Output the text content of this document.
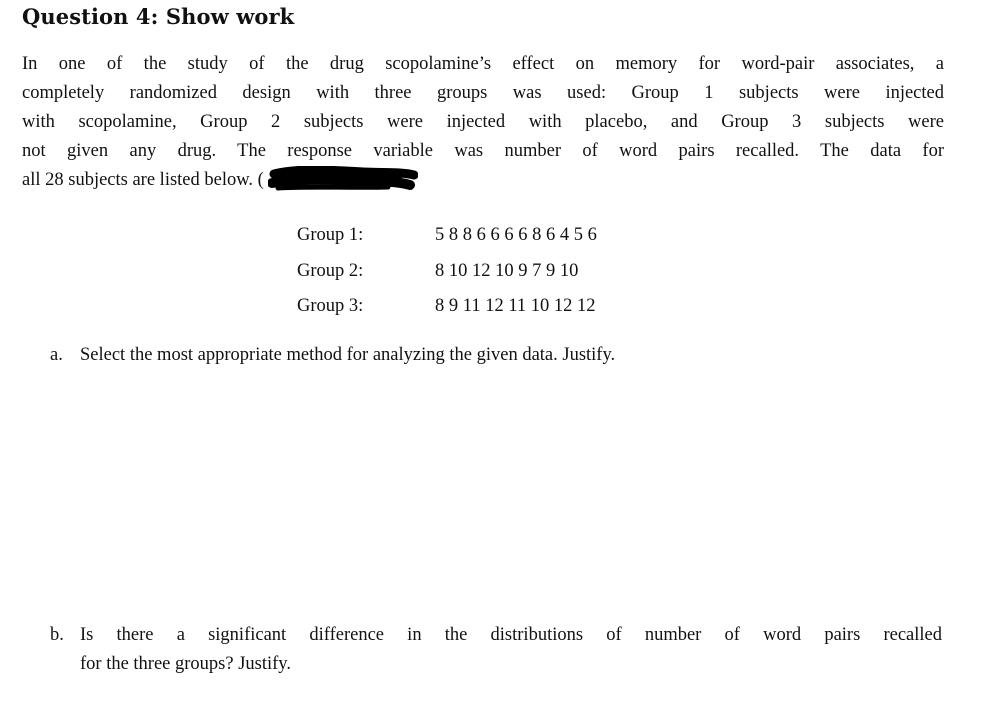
Question 4: Show work
In one of the study of the drug scopolamine’s effect on memory for word-pair associates, a
completely randomized design with three groups was used: Group 1 subjects were injected
with scopolamine, Group 2 subjects were injected with placebo, and Group 3 subjects were
not given any drug. The response variable was number of word pairs recalled. The data for
all 28 subjects are listed below. (
Group 1:	5 8 8 6 6 6 6 8 6 4 5 6
Group 2:	8 10 12 10 9 7 9 10
Group 3:	8 9 11 12 11 10 12 12
a. Select the most appropriate method for analyzing the given data. Justify.
b. Is there a significant difference in the distributions of number of word pairs recalled
for the three groups? Justify.
